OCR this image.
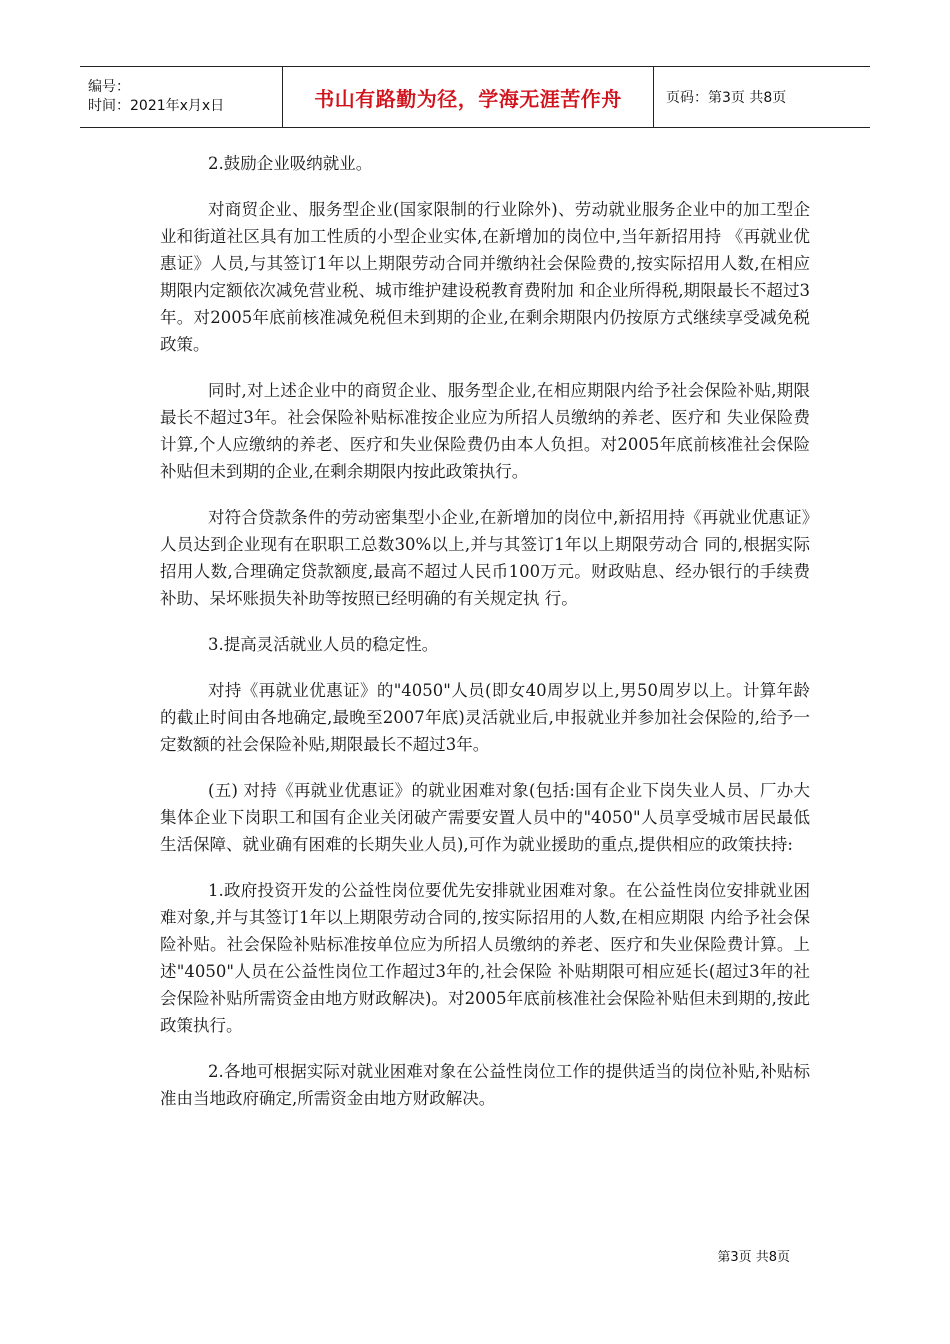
编号：
时间：2021年x月x日	书山有路勤为径，学海无涯苦作舟	页码：第3页 共8页

2.鼓励企业吸纳就业。

对商贸企业、服务型企业(国家限制的行业除外)、劳动就业服务企业中的加工型企业和街道社区具有加工性质的小型企业实体,在新增加的岗位中,当年新招用持 《再就业优惠证》人员,与其签订1年以上期限劳动合同并缴纳社会保险费的,按实际招用人数,在相应期限内定额依次减免营业税、城市维护建设税教育费附加 和企业所得税,期限最长不超过3年。对2005年底前核准减免税但未到期的企业,在剩余期限内仍按原方式继续享受减免税政策。

同时,对上述企业中的商贸企业、服务型企业,在相应期限内给予社会保险补贴,期限最长不超过3年。社会保险补贴标准按企业应为所招人员缴纳的养老、医疗和 失业保险费计算,个人应缴纳的养老、医疗和失业保险费仍由本人负担。对2005年底前核准社会保险补贴但未到期的企业,在剩余期限内按此政策执行。

对符合贷款条件的劳动密集型小企业,在新增加的岗位中,新招用持《再就业优惠证》人员达到企业现有在职职工总数30%以上,并与其签订1年以上期限劳动合 同的,根据实际招用人数,合理确定贷款额度,最高不超过人民币100万元。财政贴息、经办银行的手续费补助、呆坏账损失补助等按照已经明确的有关规定执 行。

3.提高灵活就业人员的稳定性。

对持《再就业优惠证》的"4050"人员(即女40周岁以上,男50周岁以上。计算年龄的截止时间由各地确定,最晚至2007年底)灵活就业后,申报就业并参加社会保险的,给予一定数额的社会保险补贴,期限最长不超过3年。

(五) 对持《再就业优惠证》的就业困难对象(包括:国有企业下岗失业人员、厂办大集体企业下岗职工和国有企业关闭破产需要安置人员中的"4050"人员享受城市居民最低生活保障、就业确有困难的长期失业人员),可作为就业援助的重点,提供相应的政策扶持:

1.政府投资开发的公益性岗位要优先安排就业困难对象。在公益性岗位安排就业困难对象,并与其签订1年以上期限劳动合同的,按实际招用的人数,在相应期限 内给予社会保险补贴。社会保险补贴标准按单位应为所招人员缴纳的养老、医疗和失业保险费计算。上述"4050"人员在公益性岗位工作超过3年的,社会保险 补贴期限可相应延长(超过3年的社会保险补贴所需资金由地方财政解决)。对2005年底前核准社会保险补贴但未到期的,按此政策执行。

2.各地可根据实际对就业困难对象在公益性岗位工作的提供适当的岗位补贴,补贴标准由当地政府确定,所需资金由地方财政解决。

第3页 共8页
